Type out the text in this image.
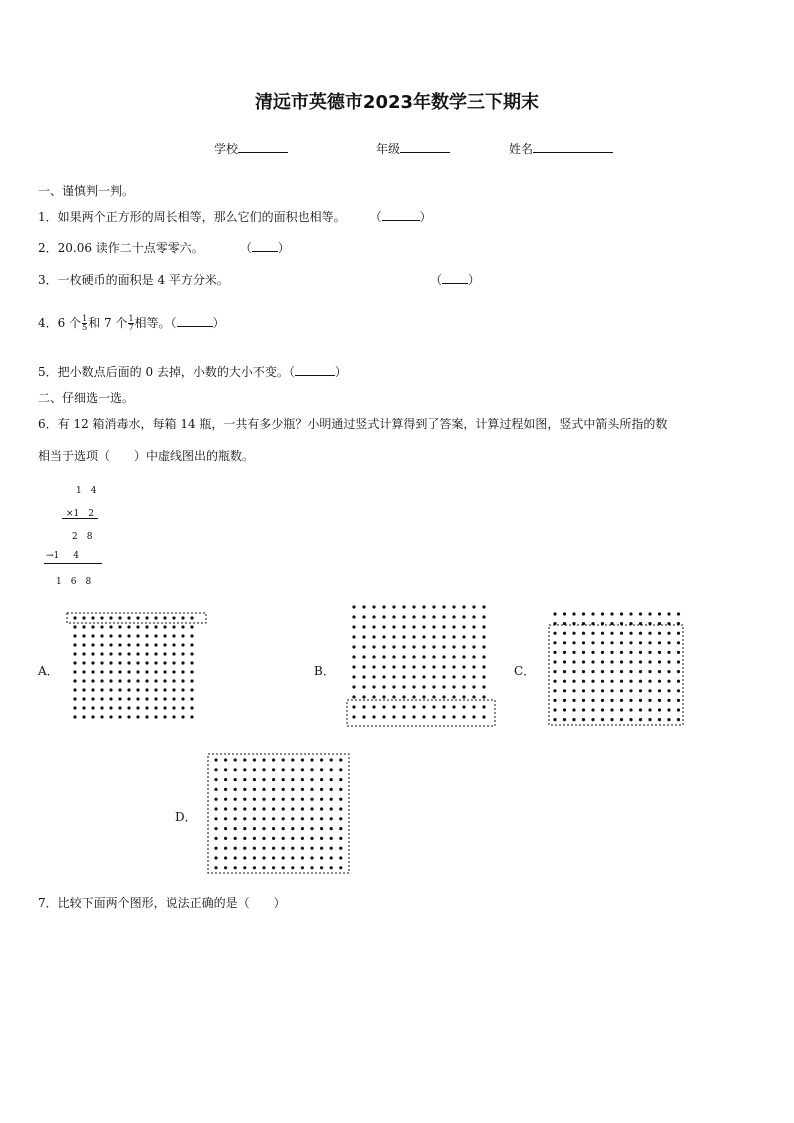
清远市英德市2023年数学三下期末
学校	年级	姓名
一、谨慎判一判。
1．如果两个正方形的周长相等，那么它们的面积也相等。 （	）
2．20.06 读作二十点零零六。	（ ）
3．一枚硬币的面积是 4 平方分米。	（ ）
4．6 个 $\frac{1}{5}$ 和 7 个 $\frac{1}{7}$ 相等。（	）
5．把小数点后面的 0 去掉，小数的大小不变。（	）
二、仔细选一选。
6．有 12 箱消毒水，每箱 14 瓶，一共有多少瓶？小明通过竖式计算得到了答案，计算过程如图，竖式中箭头所指的数
相当于选项（　　）中虚线图出的瓶数。
1　4
×1　2
2　8
→1 4
1　6　8
A．	B．	C．
D．
7．比较下面两个图形，说法正确的是（　　）
